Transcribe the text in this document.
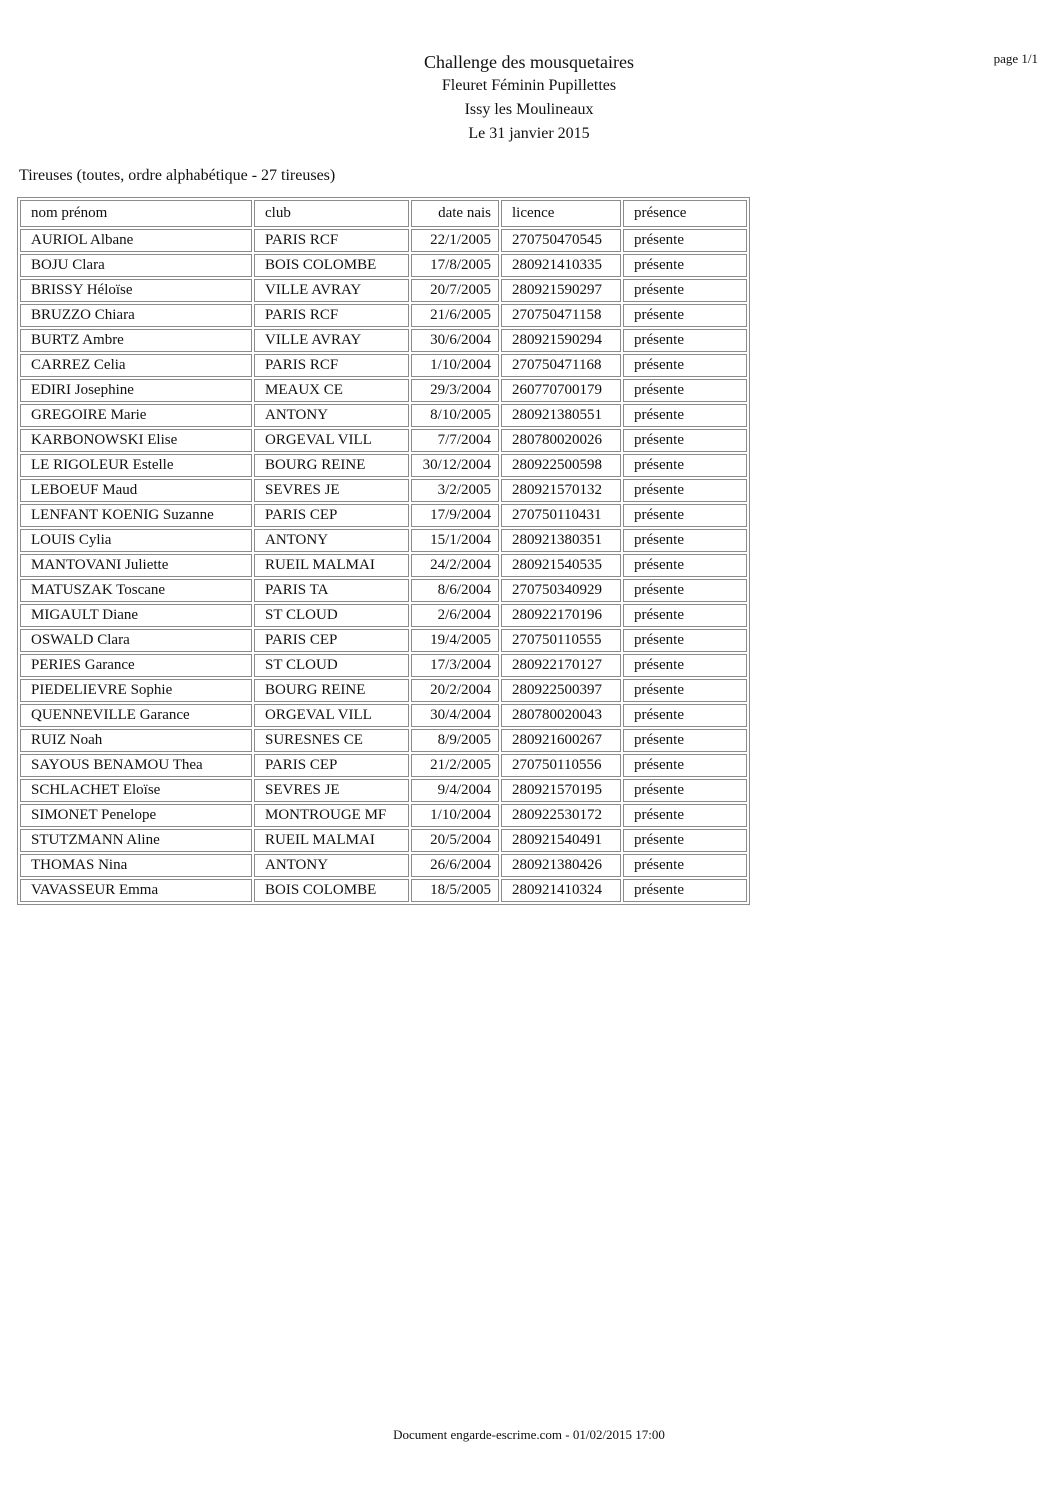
Challenge des mousquetaires
Fleuret Féminin Pupillettes
Issy les Moulineaux
Le 31 janvier 2015
page 1/1
Tireuses (toutes, ordre alphabétique - 27 tireuses)
nom prénom	club	date nais	licence	présence
AURIOL Albane	PARIS RCF	22/1/2005	270750470545	présente
BOJU Clara	BOIS COLOMBE	17/8/2005	280921410335	présente
BRISSY Héloïse	VILLE AVRAY	20/7/2005	280921590297	présente
BRUZZO Chiara	PARIS RCF	21/6/2005	270750471158	présente
BURTZ Ambre	VILLE AVRAY	30/6/2004	280921590294	présente
CARREZ Celia	PARIS RCF	1/10/2004	270750471168	présente
EDIRI Josephine	MEAUX CE	29/3/2004	260770700179	présente
GREGOIRE Marie	ANTONY	8/10/2005	280921380551	présente
KARBONOWSKI Elise	ORGEVAL VILL	7/7/2004	280780020026	présente
LE RIGOLEUR Estelle	BOURG REINE	30/12/2004	280922500598	présente
LEBOEUF Maud	SEVRES JE	3/2/2005	280921570132	présente
LENFANT KOENIG Suzanne	PARIS CEP	17/9/2004	270750110431	présente
LOUIS Cylia	ANTONY	15/1/2004	280921380351	présente
MANTOVANI Juliette	RUEIL MALMAI	24/2/2004	280921540535	présente
MATUSZAK Toscane	PARIS TA	8/6/2004	270750340929	présente
MIGAULT Diane	ST CLOUD	2/6/2004	280922170196	présente
OSWALD Clara	PARIS CEP	19/4/2005	270750110555	présente
PERIES Garance	ST CLOUD	17/3/2004	280922170127	présente
PIEDELIEVRE Sophie	BOURG REINE	20/2/2004	280922500397	présente
QUENNEVILLE Garance	ORGEVAL VILL	30/4/2004	280780020043	présente
RUIZ Noah	SURESNES CE	8/9/2005	280921600267	présente
SAYOUS BENAMOU Thea	PARIS CEP	21/2/2005	270750110556	présente
SCHLACHET Eloïse	SEVRES JE	9/4/2004	280921570195	présente
SIMONET Penelope	MONTROUGE MF	1/10/2004	280922530172	présente
STUTZMANN Aline	RUEIL MALMAI	20/5/2004	280921540491	présente
THOMAS Nina	ANTONY	26/6/2004	280921380426	présente
VAVASSEUR Emma	BOIS COLOMBE	18/5/2005	280921410324	présente
Document engarde-escrime.com - 01/02/2015 17:00
